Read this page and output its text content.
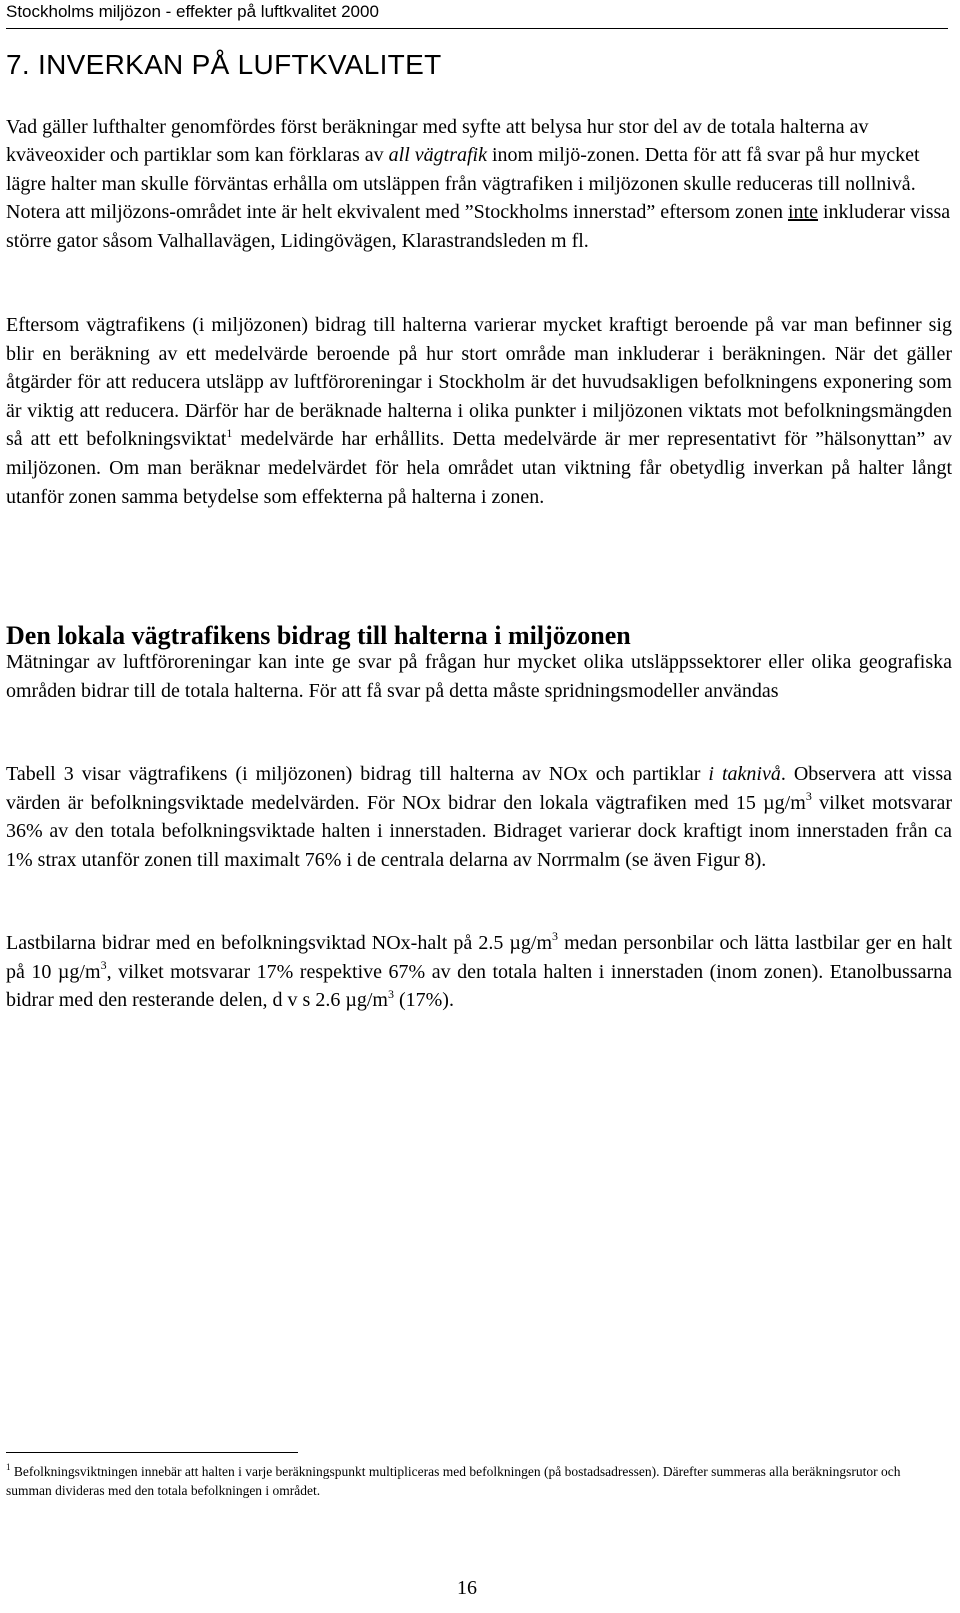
Stockholms miljözon - effekter på luftkvalitet 2000
7. INVERKAN PÅ LUFTKVALITET

Vad gäller lufthalter genomfördes först beräkningar med syfte att belysa hur stor del av de totala halterna av kväveoxider och partiklar som kan förklaras av all vägtrafik inom miljö-zonen. Detta för att få svar på hur mycket lägre halter man skulle förväntas erhålla om utsläppen från vägtrafiken i miljözonen skulle reduceras till nollnivå. Notera att miljözons-området inte är helt ekvivalent med ”Stockholms innerstad” eftersom zonen inte inkluderar vissa större gator såsom Valhallavägen, Lidingövägen, Klarastrandsleden m fl.

Eftersom vägtrafikens (i miljözonen) bidrag till halterna varierar mycket kraftigt beroende på var man befinner sig blir en beräkning av ett medelvärde beroende på hur stort område man inkluderar i beräkningen. När det gäller åtgärder för att reducera utsläpp av luftföroreningar i Stockholm är det huvudsakligen befolkningens exponering som är viktig att reducera. Därför har de beräknade halterna i olika punkter i miljözonen viktats mot befolkningsmängden så att ett befolkningsviktat$^1$ medelvärde har erhållits. Detta medelvärde är mer representativt för ”hälsonyttan” av miljözonen. Om man beräknar medelvärdet för hela området utan viktning får obetydlig inverkan på halter långt utanför zonen samma betydelse som effekterna på halterna i zonen.

Den lokala vägtrafikens bidrag till halterna i miljözonen

Mätningar av luftföroreningar kan inte ge svar på frågan hur mycket olika utsläppssektorer eller olika geografiska områden bidrar till de totala halterna. För att få svar på detta måste spridningsmodeller användas

Tabell 3 visar vägtrafikens (i miljözonen) bidrag till halterna av NOx och partiklar i taknivå. Observera att vissa värden är befolkningsviktade medelvärden. För NOx bidrar den lokala vägtrafiken med 15 $\mu g/m^3$ vilket motsvarar 36% av den totala befolkningsviktade halten i innerstaden. Bidraget varierar dock kraftigt inom innerstaden från ca 1% strax utanför zonen till maximalt 76% i de centrala delarna av Norrmalm (se även Figur 8).

Lastbilarna bidrar med en befolkningsviktad NOx-halt på 2.5 $\mu g/m^3$ medan personbilar och lätta lastbilar ger en halt på 10 $\mu g/m^3$, vilket motsvarar 17% respektive 67% av den totala halten i innerstaden (inom zonen). Etanolbussarna bidrar med den resterande delen, d v s 2.6 $\mu g/m^3$ (17%).

$^1$ Befolkningsviktningen innebär att halten i varje beräkningspunkt multipliceras med befolkningen (på bostadsadressen). Därefter summeras alla beräkningsrutor och summan divideras med den totala befolkningen i området.

16
